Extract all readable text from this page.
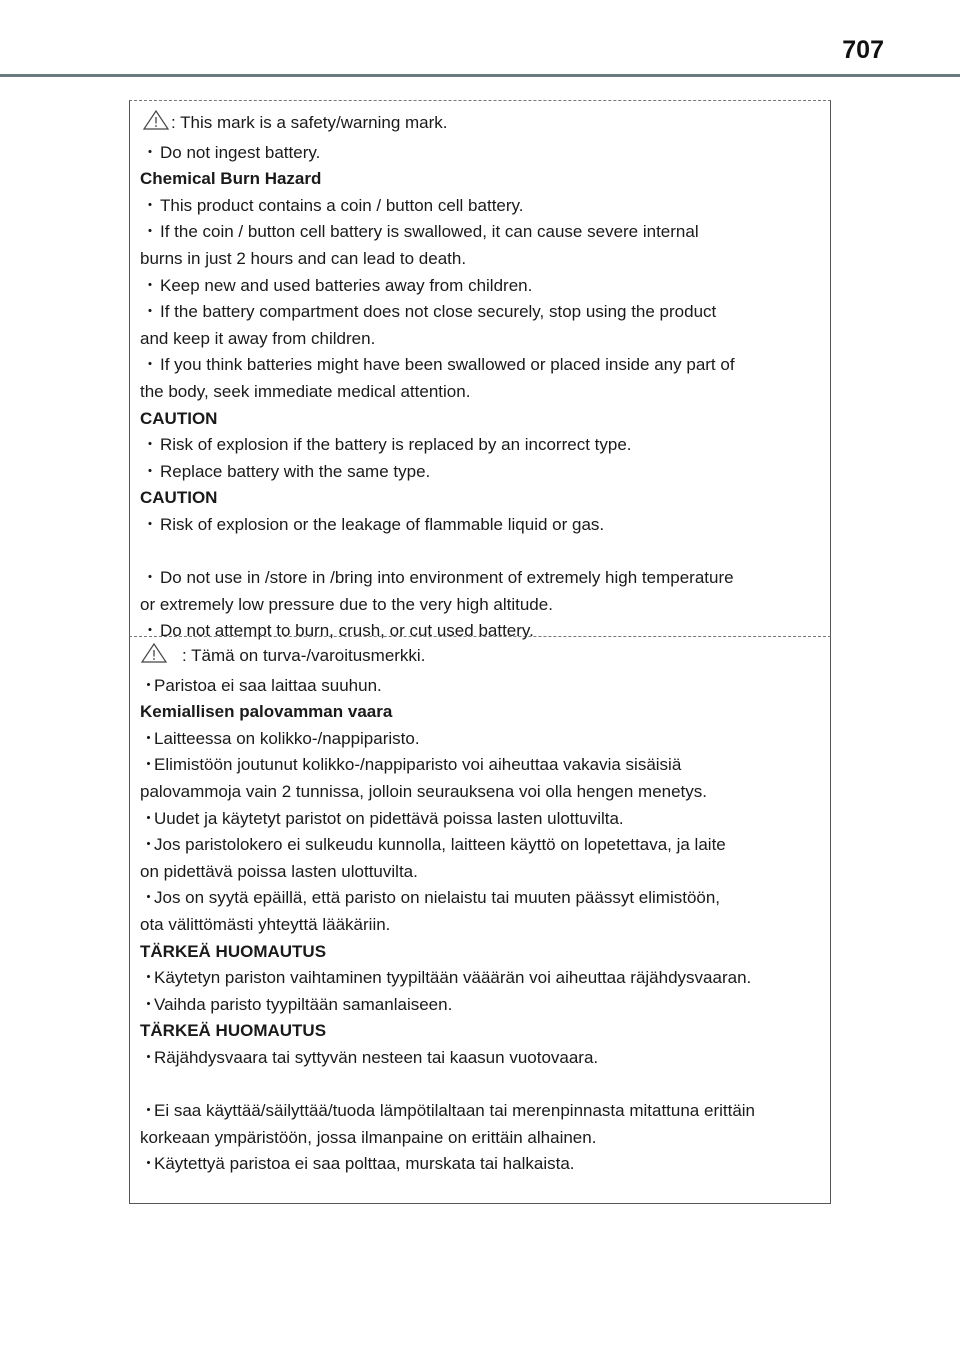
707
: This mark is a safety/warning mark.
・Do not ingest battery.
Chemical Burn Hazard
・This product contains a coin / button cell battery.
・If the coin / button cell battery is swallowed, it can cause severe internal
burns in just 2 hours and can lead to death.
・Keep new and used batteries away from children.
・If the battery compartment does not close securely, stop using the product
and keep it away from children.
・If you think batteries might have been swallowed or placed inside any part of
the body, seek immediate medical attention.
CAUTION
・Risk of explosion if the battery is replaced by an incorrect type.
・Replace battery with the same type.
CAUTION
・Risk of explosion or the leakage of flammable liquid or gas.
・Do not use in /store in /bring into environment of extremely high temperature
or extremely low pressure due to the very high altitude.
・Do not attempt to burn, crush, or cut used battery.
: Tämä on turva-/varoitusmerkki.
・Paristoa ei saa laittaa suuhun.
Kemiallisen palovamman vaara
・Laitteessa on kolikko-/nappiparisto.
・Elimistöön joutunut kolikko-/nappiparisto voi aiheuttaa vakavia sisäisiä
palovammoja vain 2 tunnissa, jolloin seurauksena voi olla hengen menetys.
・Uudet ja käytetyt paristot on pidettävä poissa lasten ulottuvilta.
・Jos paristolokero ei sulkeudu kunnolla, laitteen käyttö on lopetettava, ja laite
on pidettävä poissa lasten ulottuvilta.
・Jos on syytä epäillä, että paristo on nielaistu tai muuten päässyt elimistöön,
ota välittömästi yhteyttä lääkäriin.
TÄRKEÄ HUOMAUTUS
・Käytetyn pariston vaihtaminen tyypiltään vääärän voi aiheuttaa räjähdysvaaran.
・Vaihda paristo tyypiltään samanlaiseen.
TÄRKEÄ HUOMAUTUS
・Räjähdysvaara tai syttyvän nesteen tai kaasun vuotovaara.
・Ei saa käyttää/säilyttää/tuoda lämpötilaltaan tai merenpinnasta mitattuna erittäin
korkeaan ympäristöön, jossa ilmanpaine on erittäin alhainen.
・Käytettyä paristoa ei saa polttaa, murskata tai halkaista.
